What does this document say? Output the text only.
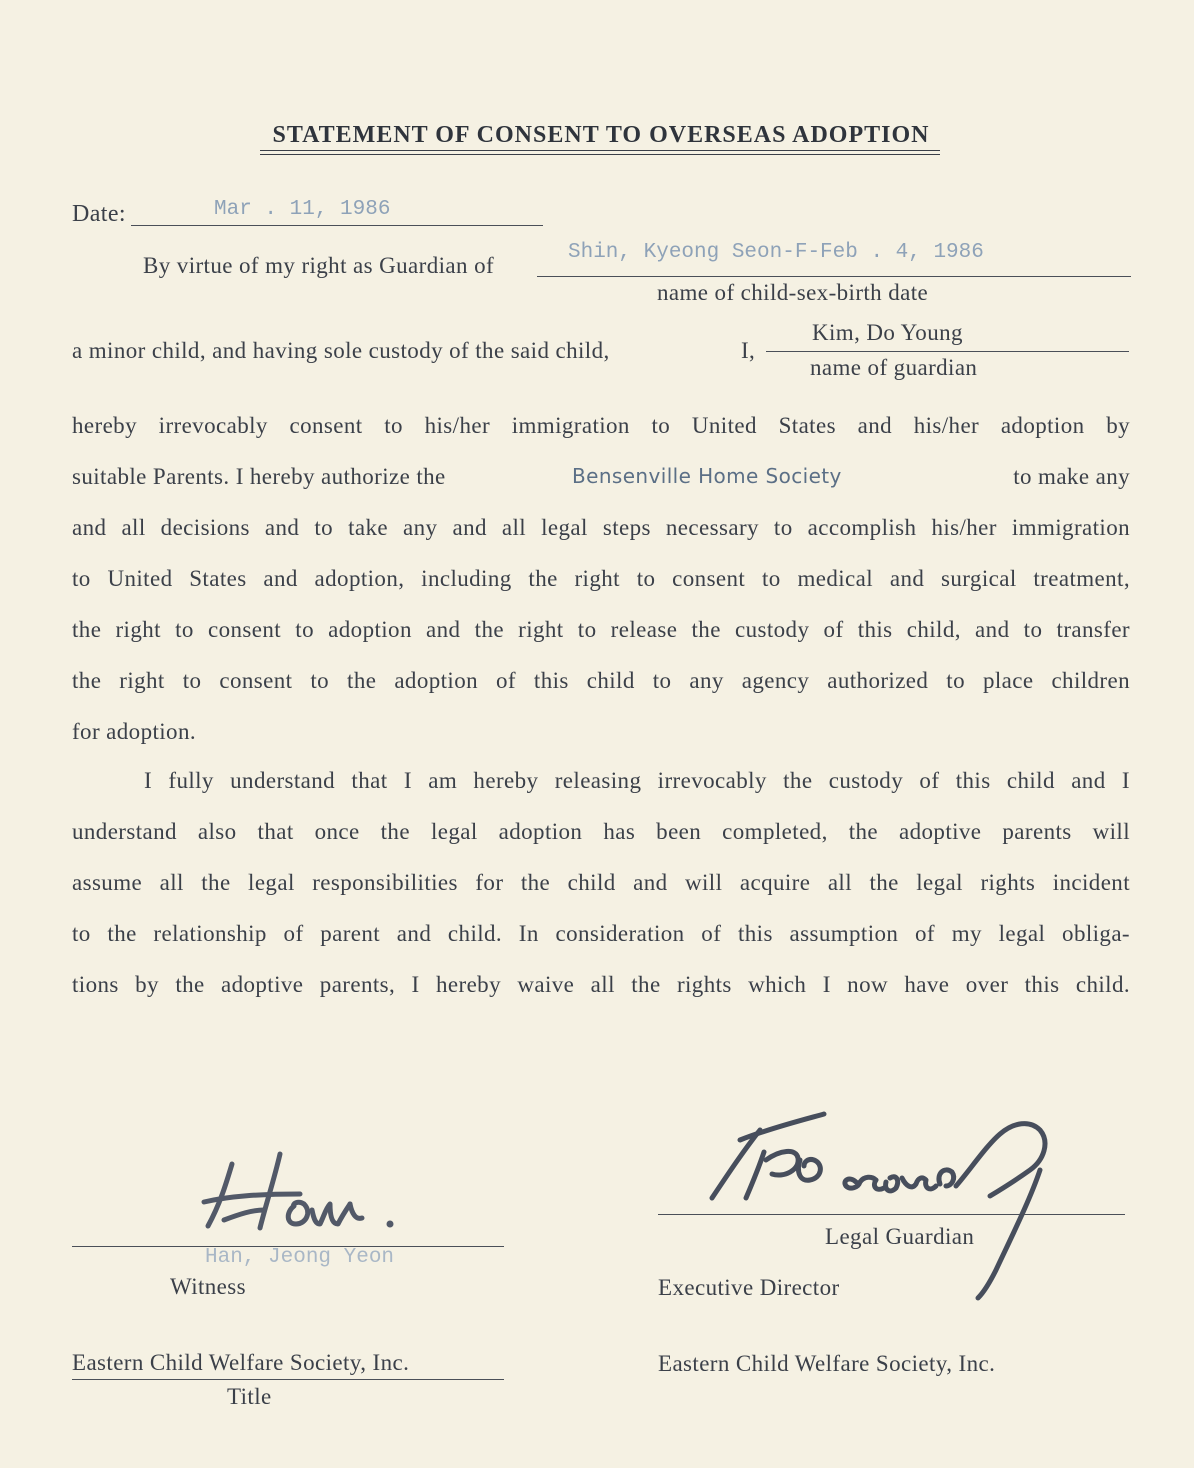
STATEMENT OF CONSENT TO OVERSEAS ADOPTION
Date:	Mar . 11, 1986
By virtue of my right as Guardian of
Shin, Kyeong Seon-F-Feb . 4, 1986
name of child-sex-birth date
a minor child, and having sole custody of the said child,	I,
Kim, Do Young
name of guardian
hereby irrevocably consent to his/her immigration to United States and his/her adoption by
suitable Parents. I hereby authorize the	Bensenville Home Society	to make any
and all decisions and to take any and all legal steps necessary to accomplish his/her immigration
to United States and adoption, including the right to consent to medical and surgical treatment,
the right to consent to adoption and the right to release the custody of this child, and to transfer
the right to consent to the adoption of this child to any agency authorized to place children
for adoption.
I fully understand that I am hereby releasing irrevocably the custody of this child and I
understand also that once the legal adoption has been completed, the adoptive parents will
assume all the legal responsibilities for the child and will acquire all the legal rights incident
to the relationship of parent and child. In consideration of this assumption of my legal obliga-
tions by the adoptive parents, I hereby waive all the rights which I now have over this child.
Han, Jeong Yeon
Witness
Eastern Child Welfare Society, Inc.
Title
Legal Guardian
Executive Director
Eastern Child Welfare Society, Inc.
